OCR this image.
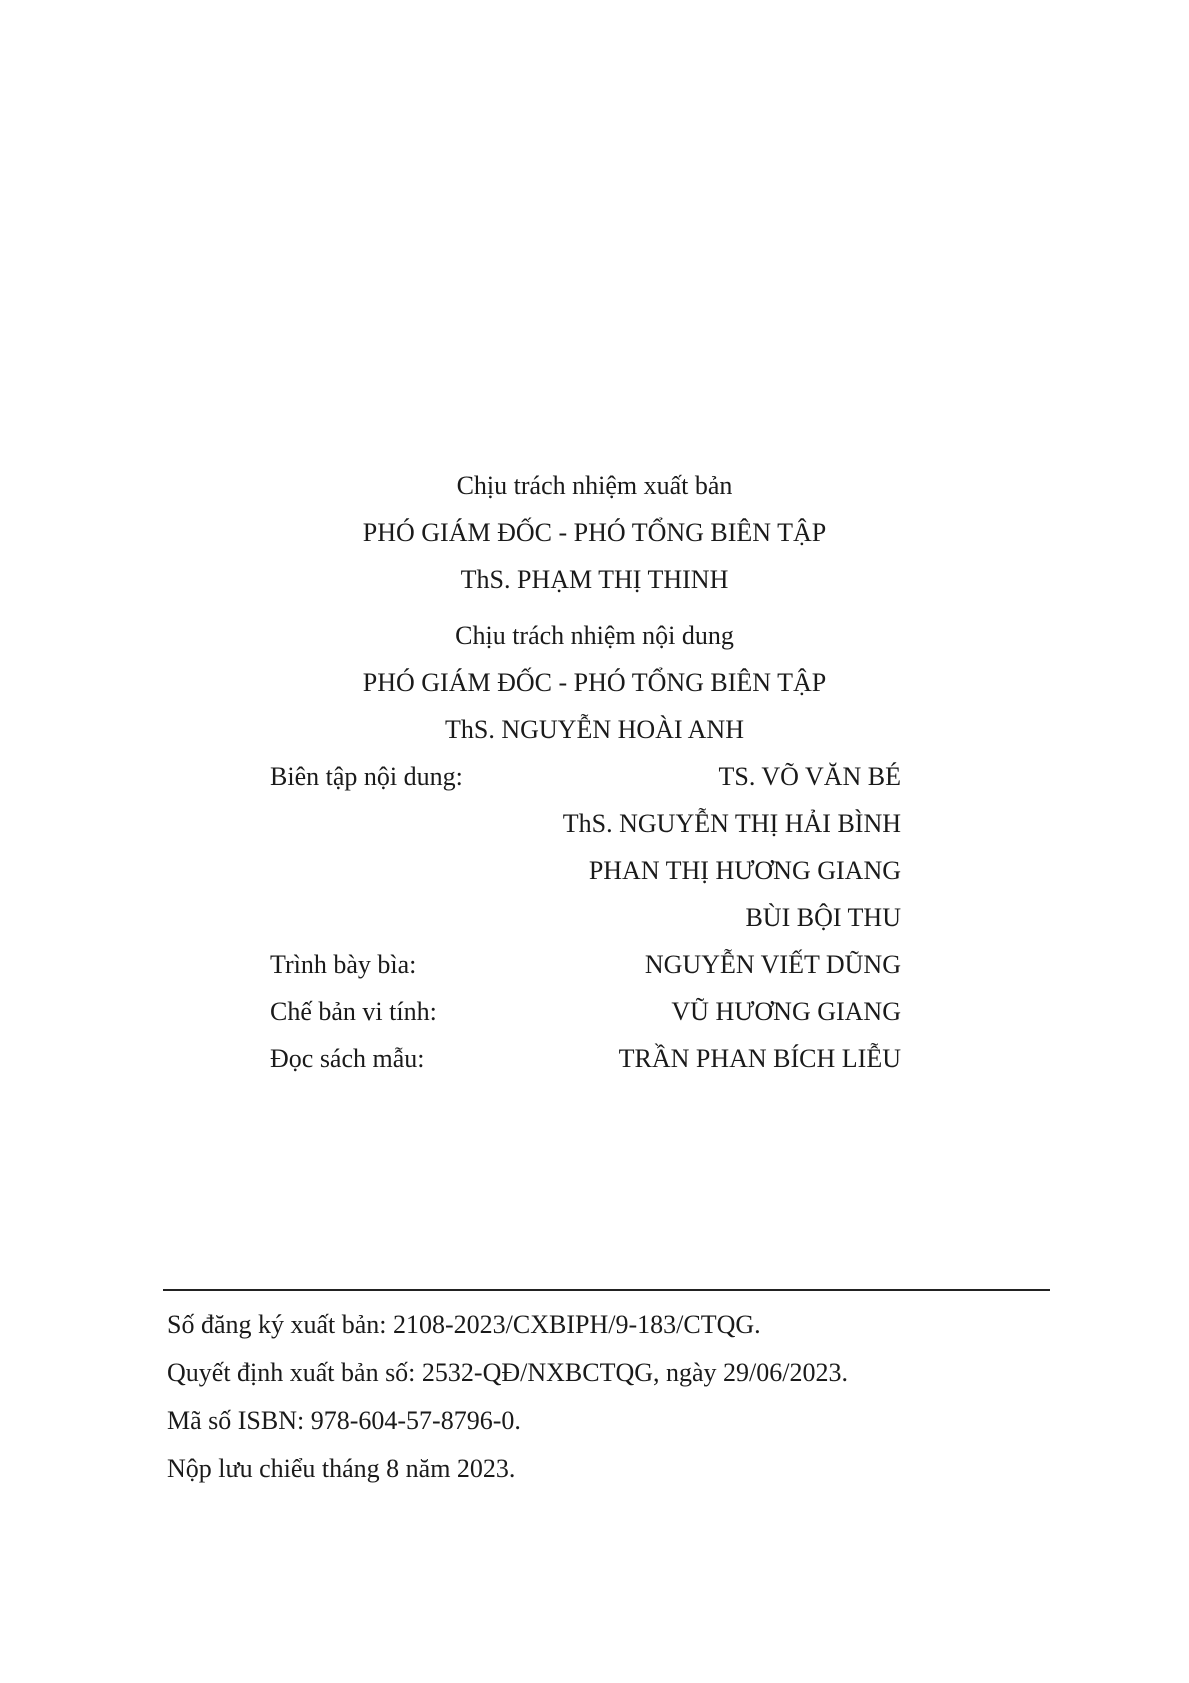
Chịu trách nhiệm xuất bản
PHÓ GIÁM ĐỐC - PHÓ TỔNG BIÊN TẬP
ThS. PHẠM THỊ THINH
Chịu trách nhiệm nội dung
PHÓ GIÁM ĐỐC - PHÓ TỔNG BIÊN TẬP
ThS. NGUYỄN HOÀI ANH
Biên tập nội dung:	TS. VÕ VĂN BÉ
ThS. NGUYỄN THỊ HẢI BÌNH
PHAN THỊ HƯƠNG GIANG
BÙI BỘI THU
Trình bày bìa:	NGUYỄN VIẾT DŨNG
Chế bản vi tính:	VŨ HƯƠNG GIANG
Đọc sách mẫu:	TRẦN PHAN BÍCH LIỄU
Số đăng ký xuất bản: 2108-2023/CXBIPH/9-183/CTQG.
Quyết định xuất bản số: 2532-QĐ/NXBCTQG, ngày 29/06/2023.
Mã số ISBN: 978-604-57-8796-0.
Nộp lưu chiểu tháng 8 năm 2023.
